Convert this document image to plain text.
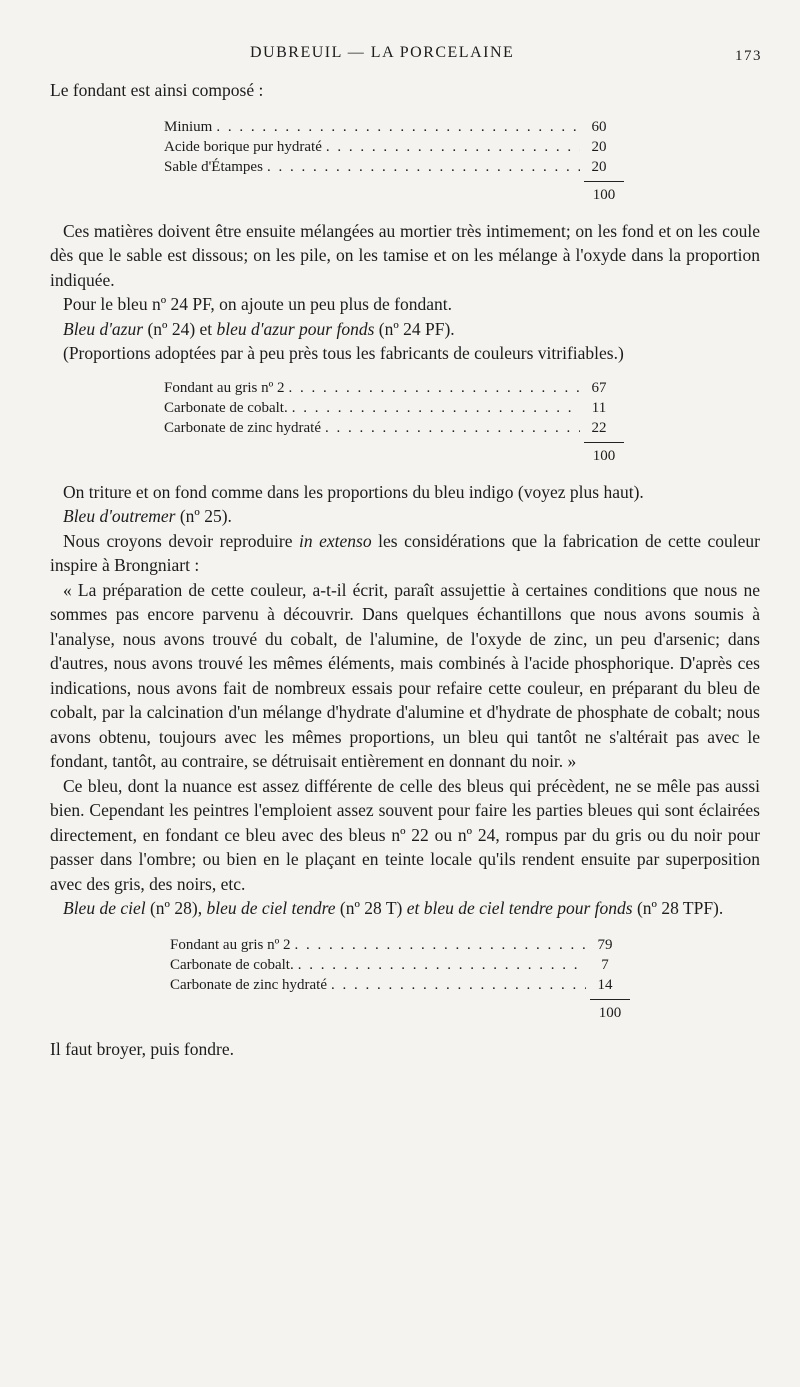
DUBREUIL — LA PORCELAINE	173

Le fondant est ainsi composé :

Minium . . .	60
Acide borique pur hydraté . . .	20
Sable d'Étampes . . .	20
100

Ces matières doivent être ensuite mélangées au mortier très intimement; on les fond et on les coule dès que le sable est dissous; on les pile, on les tamise et on les mélange à l'oxyde dans la proportion indiquée.

Pour le bleu nº 24 PF, on ajoute un peu plus de fondant.

Bleu d'azur (nº 24) et bleu d'azur pour fonds (nº 24 PF).

(Proportions adoptées par à peu près tous les fabricants de couleurs vitrifiables.)

Fondant au gris nº 2 . . .	67
Carbonate de cobalt. . . .	11
Carbonate de zinc hydraté . . .	22
100

On triture et on fond comme dans les proportions du bleu indigo (voyez plus haut).

Bleu d'outremer (nº 25).

Nous croyons devoir reproduire in extenso les considérations que la fabrication de cette couleur inspire à Brongniart :

« La préparation de cette couleur, a-t-il écrit, paraît assujettie à certaines conditions que nous ne sommes pas encore parvenu à découvrir. Dans quelques échantillons que nous avons soumis à l'analyse, nous avons trouvé du cobalt, de l'alumine, de l'oxyde de zinc, un peu d'arsenic; dans d'autres, nous avons trouvé les mêmes éléments, mais combinés à l'acide phosphorique. D'après ces indications, nous avons fait de nombreux essais pour refaire cette couleur, en préparant du bleu de cobalt, par la calcination d'un mélange d'hydrate d'alumine et d'hydrate de phosphate de cobalt; nous avons obtenu, toujours avec les mêmes proportions, un bleu qui tantôt ne s'altérait pas avec le fondant, tantôt, au contraire, se détruisait entièrement en donnant du noir. »

Ce bleu, dont la nuance est assez différente de celle des bleus qui précèdent, ne se mêle pas aussi bien. Cependant les peintres l'emploient assez souvent pour faire les parties bleues qui sont éclairées directement, en fondant ce bleu avec des bleus nº 22 ou nº 24, rompus par du gris ou du noir pour passer dans l'ombre; ou bien en le plaçant en teinte locale qu'ils rendent ensuite par superposition avec des gris, des noirs, etc.

Bleu de ciel (nº 28), bleu de ciel tendre (nº 28 T) et bleu de ciel tendre pour fonds (nº 28 TPF).

Fondant au gris nº 2 . . .	79
Carbonate de cobalt. . . .	7
Carbonate de zinc hydraté . . .	14
100

Il faut broyer, puis fondre.
